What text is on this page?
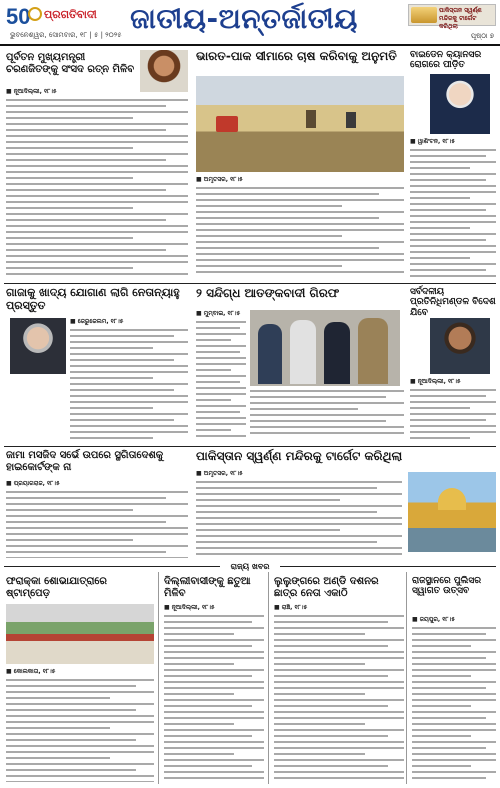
50 ପ୍ରଗତିବାଦୀ
ଭୁବନେଶ୍ୱର, ସୋମବାର, ୧୮ | ୫ | ୨୦୨୫ ଜାତୀୟ-ଅନ୍ତର୍ଜାତୀୟ	ପାକିସ୍ତାନ ସ୍ୱର୍ଣ୍ଣ ମନ୍ଦିରକୁ ଟାର୍ଗେଟ କରିଥିଲା
ପୃଷ୍ଠା ୭
ପୂର୍ବତନ ମୁଖ୍ୟମନ୍ତ୍ରୀ ଚରଣଜିତଙ୍କୁ ସଂସଦ ରତ୍ନ ମିଳିବ
■ ନୂଆଦିଲ୍ଲୀ, ୧୮।୫
ଭାରତ-ପାକ ସୀମାରେ ଚାଷ କରିବାକୁ ଅନୁମତି
■ ଅମୃତସର, ୧୮।୫
ବାଇଡେନ କ୍ୟାନସର ରୋଗରେ ପୀଡ଼ିତ
■ ୱାଶିଂଟନ, ୧୮।୫
ଗାଜାକୁ ଖାଦ୍ୟ ଯୋଗାଣ ଲାଗି ନେତାନ୍ୟାହୁ ପ୍ରସ୍ତୁତ
■ ଜେରୁଜେଲମ, ୧୮।୫
୨ ସନ୍ଦିଗ୍ଧ ଆତଙ୍କବାଦୀ ଗିରଫ
■ ମୁମ୍ବାଇ, ୧୮।୫
ସର୍ବଦଳୀୟ ପ୍ରତିନିଧିମଣ୍ଡଳ ବିଦେଶ ଯିବେ
■ ନୂଆଦିଲ୍ଲୀ, ୧୮।୫
ଜାମା ମସଜିଦ ସର୍ଭେ ଉପରେ ସ୍ଥଗିତାଦେଶକୁ ହାଇକୋର୍ଟଙ୍କ ନା
■ ପ୍ରୟାଗରାଜ, ୧୮।୫
ପାକିସ୍ତାନ ସ୍ୱର୍ଣ୍ଣ ମନ୍ଦିରକୁ ଟାର୍ଗେଟ କରିଥିଲା
■ ଅମୃତସର, ୧୮।୫
ରାଜ୍ୟ ଖବର
ଫରାକ୍କା ଶୋଭାଯାତ୍ରାରେ ଷ୍ଟାମ୍ପେଡ଼
■ କୋଲକାତା, ୧୮।୫
ଦିଲ୍ଲୀବାସୀଙ୍କୁ ଛତୁଆ ମିଳିବ
■ ନୂଆଦିଲ୍ଲୀ, ୧୮।୫
ଲୁଲୁଙ୍ଗରେ ଅଣ୍ଡି ଦଶନର ଛାତ୍ର ନେତା ଏକାଠି
■ ରାଞ୍ଚି, ୧୮।୫
ରାଜସ୍ଥାନରେ ପୁଲିସର ସ୍ୱାଗତ ଉତ୍ସବ
■ ଜୟପୁର, ୧୮।୫
